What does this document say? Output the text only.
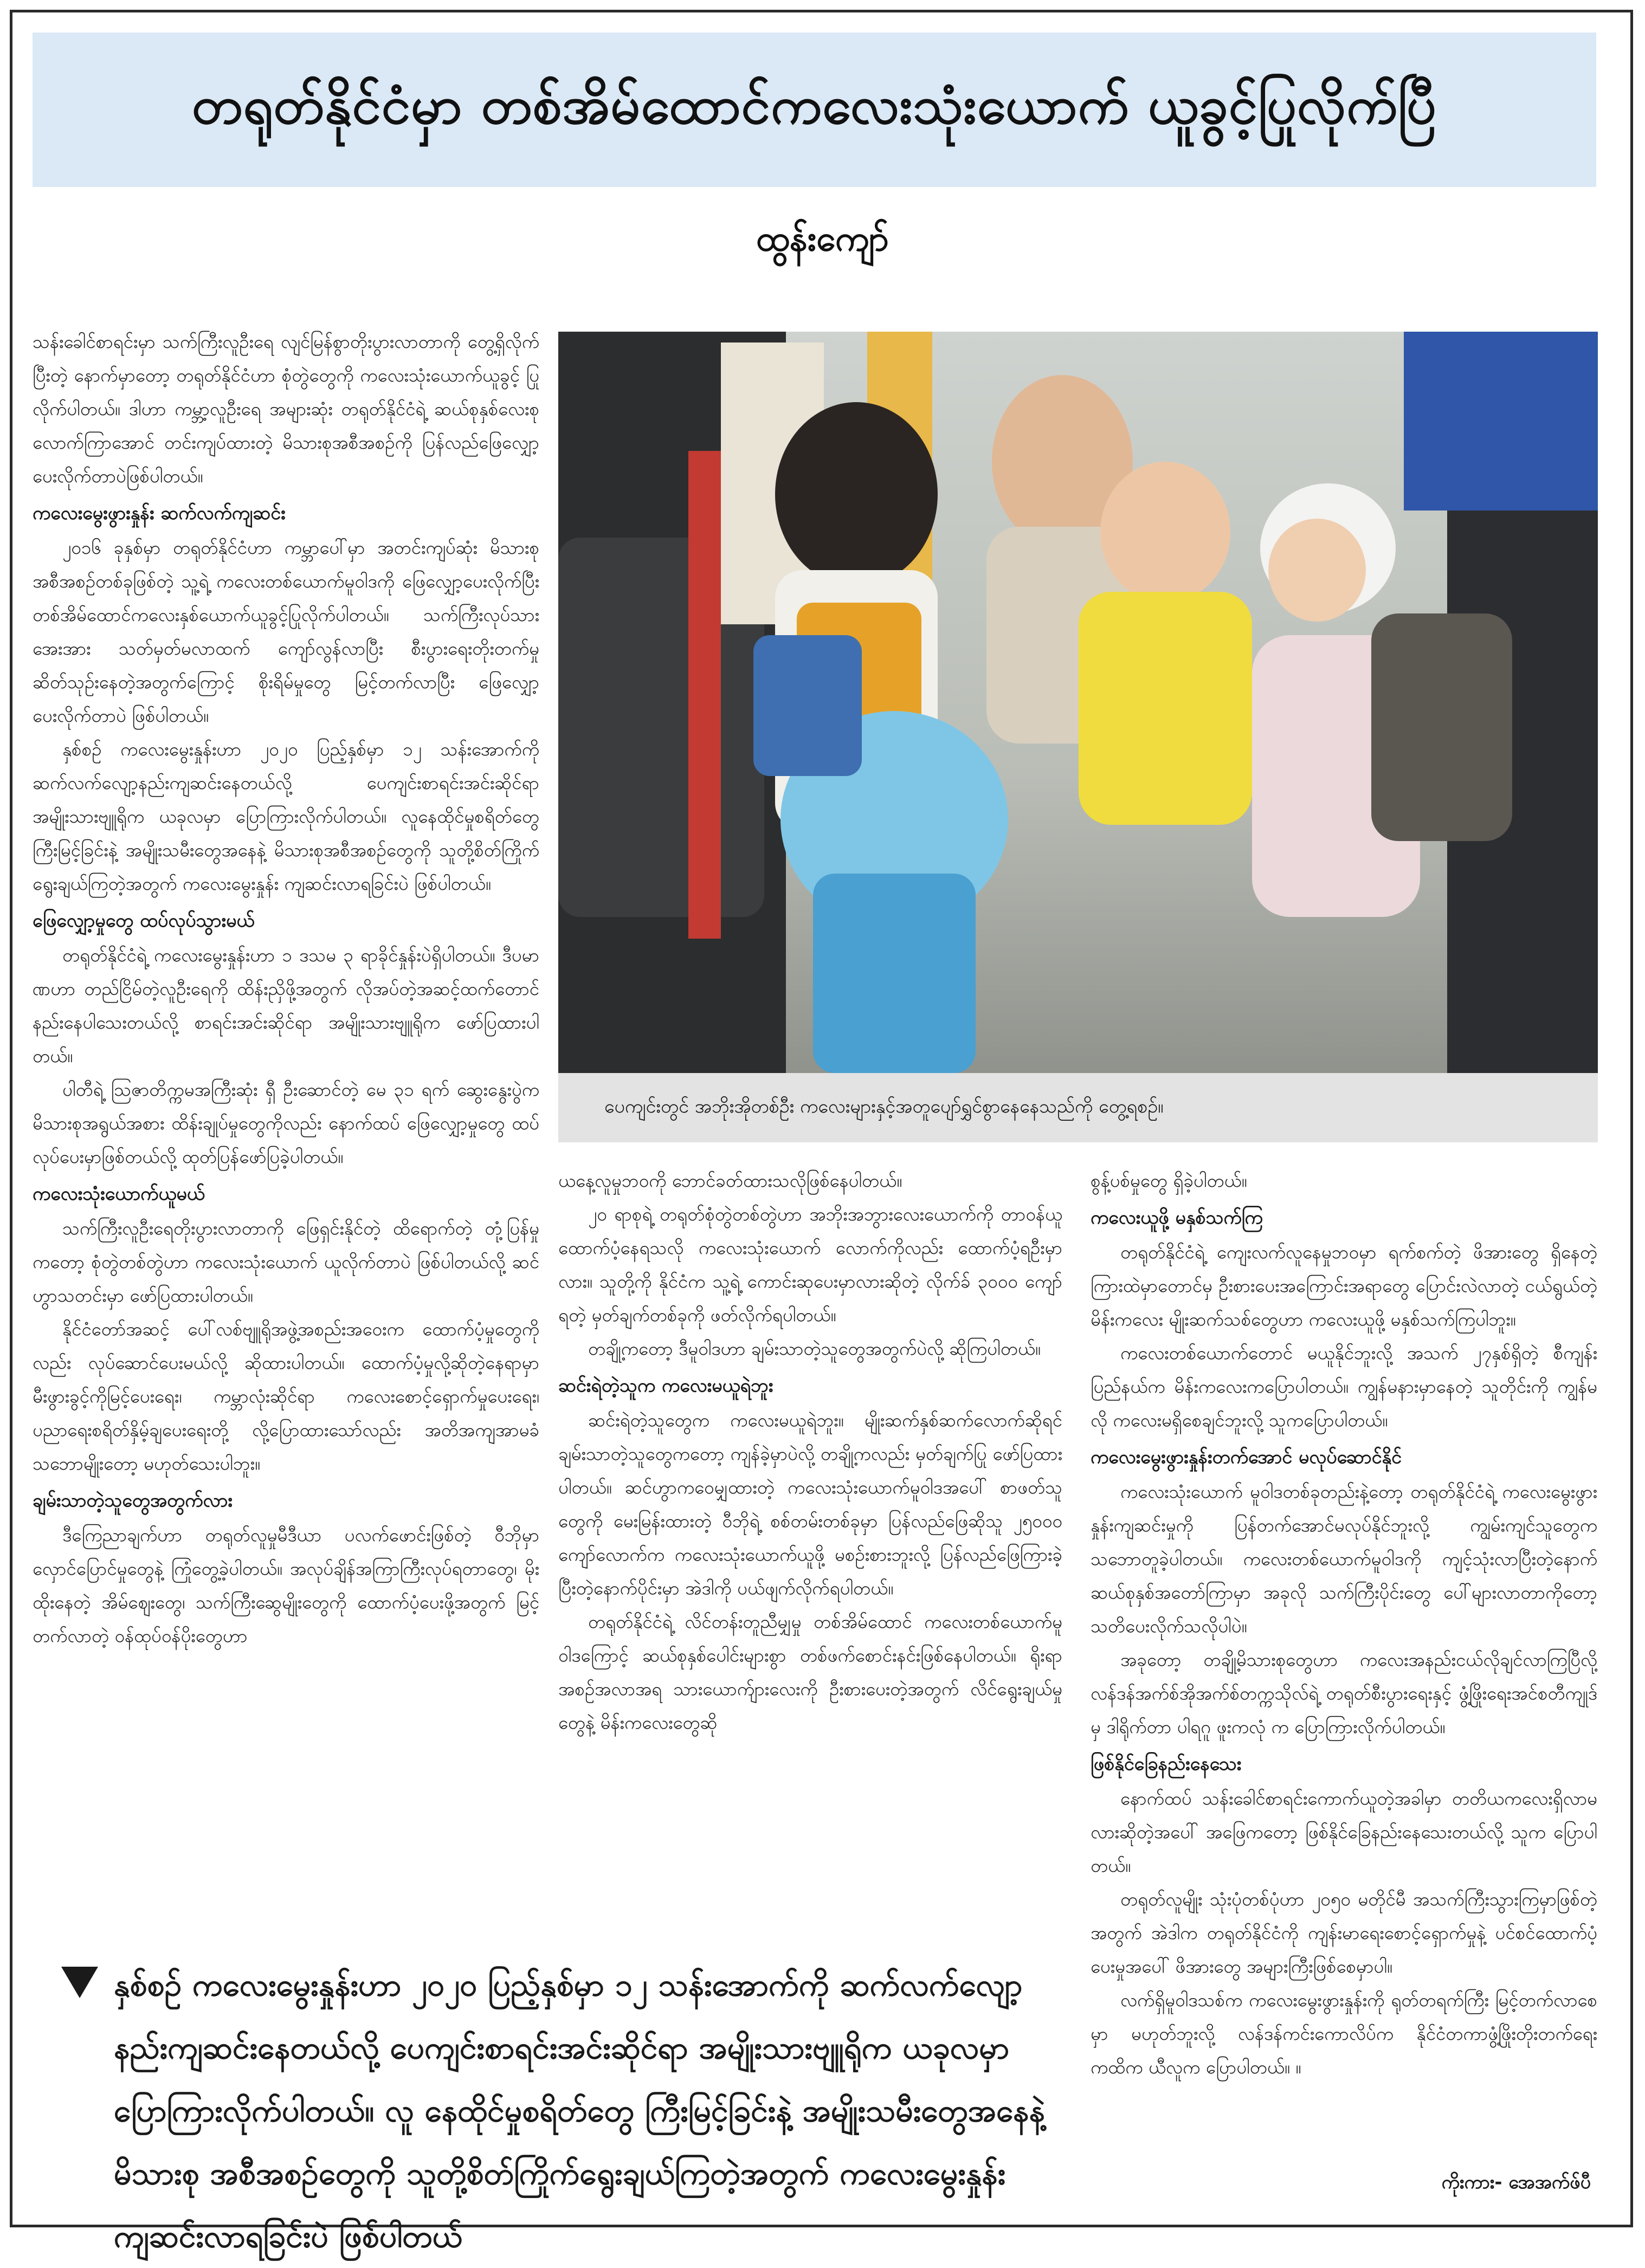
တရုတ်နိုင်ငံမှာ တစ်အိမ်ထောင်ကလေးသုံးယောက် ယူခွင့်ပြုလိုက်ပြီ
ထွန်းကျော်

သန်းခေါင်စာရင်းမှာ သက်ကြီးလူဦးရေ လျင်မြန်စွာတိုးပွားလာတာကို တွေ့ရှိလိုက်ပြီးတဲ့ နောက်မှာတော့ တရုတ်နိုင်ငံဟာ စုံတွဲတွေကို ကလေးသုံးယောက်ယူခွင့် ပြုလိုက်ပါတယ်။ ဒါဟာ ကမ္ဘာ့လူဦးရေ အများဆုံး တရုတ်နိုင်ငံရဲ့ ဆယ်စုနှစ်လေးစုလောက်ကြာအောင် တင်းကျပ်ထားတဲ့ မိသားစုအစီအစဉ်ကို ပြန်လည်ဖြေလျှော့ပေးလိုက်တာပဲဖြစ်ပါတယ်။

ကလေးမွေးဖွားနှုန်း ဆက်လက်ကျဆင်း

၂၀၁၆ ခုနှစ်မှာ တရုတ်နိုင်ငံဟာ ကမ္ဘာပေါ်မှာ အတင်းကျပ်ဆုံး မိသားစုအစီအစဉ်တစ်ခုဖြစ်တဲ့ သူ့ရဲ့ ကလေးတစ်ယောက်မူဝါဒကို ဖြေလျှော့ပေးလိုက်ပြီး တစ်အိမ်ထောင်ကလေးနှစ်ယောက်ယူခွင့်ပြုလိုက်ပါတယ်။ သက်ကြီးလုပ်သားအေးအား သတ်မှတ်မလာထက် ကျော်လွန်လာပြီး စီးပွားရေးတိုးတက်မှု ဆိတ်သုဉ်းနေတဲ့အတွက်ကြောင့် စိုးရိမ်မှုတွေ မြင့်တက်လာပြီး ဖြေလျှော့ပေးလိုက်တာပဲ ဖြစ်ပါတယ်။

နှစ်စဉ် ကလေးမွေးနှုန်းဟာ ၂၀၂၀ ပြည့်နှစ်မှာ ၁၂ သန်းအောက်ကို ဆက်လက်လျော့နည်းကျဆင်းနေတယ်လို့ ပေကျင်းစာရင်းအင်းဆိုင်ရာ အမျိုးသားဗျူရိုက ယခုလမှာ ပြောကြားလိုက်ပါတယ်။ လူနေထိုင်မှုစရိတ်တွေ ကြီးမြင့်ခြင်းနဲ့ အမျိုးသမီးတွေအနေနဲ့ မိသားစုအစီအစဉ်တွေကို သူတို့စိတ်ကြိုက်ရွေးချယ်ကြတဲ့အတွက် ကလေးမွေးနှုန်း ကျဆင်းလာရခြင်းပဲ ဖြစ်ပါတယ်။

ဖြေလျှော့မှုတွေ ထပ်လုပ်သွားမယ်

တရုတ်နိုင်ငံရဲ့ ကလေးမွေးနှုန်းဟာ ၁ ဒသမ ၃ ရာခိုင်နှုန်းပဲရှိပါတယ်။ ဒီပမာဏဟာ တည်ငြိမ်တဲ့လူဦးရေကို ထိန်းညှိဖို့အတွက် လိုအပ်တဲ့အဆင့်ထက်တောင် နည်းနေပါသေးတယ်လို့ စာရင်းအင်းဆိုင်ရာ အမျိုးသားဗျူရိုက ဖော်ပြထားပါတယ်။

ပါတီရဲ့ ဩဇာတိက္ကမအကြီးဆုံး ရှီ ဦးဆောင်တဲ့ မေ ၃၁ ရက် ဆွေးနွေးပွဲက မိသားစုအရွယ်အစား ထိန်းချုပ်မှုတွေကိုလည်း နောက်ထပ် ဖြေလျှော့မှုတွေ ထပ်လုပ်ပေးမှာဖြစ်တယ်လို့ ထုတ်ပြန်ဖော်ပြခဲ့ပါတယ်။

ကလေးသုံးယောက်ယူမယ်

သက်ကြီးလူဦးရေတိုးပွားလာတာကို ဖြေရှင်းနိုင်တဲ့ ထိရောက်တဲ့ တုံ့ပြန်မှုကတော့ စုံတွဲတစ်တွဲဟာ ကလေးသုံးယောက် ယူလိုက်တာပဲ ဖြစ်ပါတယ်လို့ ဆင်ဟွာသတင်းမှာ ဖော်ပြထားပါတယ်။

နိုင်ငံတော်အဆင့် ပေါ်လစ်ဗျူရိုအဖွဲ့အစည်းအဝေးက ထောက်ပံ့မှုတွေကိုလည်း လုပ်ဆောင်ပေးမယ်လို့ ဆိုထားပါတယ်။ ထောက်ပံ့မှုလို့ဆိုတဲ့နေရာမှာ မီးဖွားခွင့်ကိုမြင့်ပေးရေး၊ ကမ္ဘာလုံးဆိုင်ရာ ကလေးစောင့်ရှောက်မှုပေးရေး၊ ပညာရေးစရိတ်နှိမ့်ချပေးရေးတို့ လို့ပြောထားသော်လည်း အတိအကျအာမခံသဘောမျိုးတော့ မဟုတ်သေးပါဘူး။

ချမ်းသာတဲ့သူတွေအတွက်လား

ဒီကြေညာချက်ဟာ တရုတ်လူမှုမီဒီယာ ပလက်ဖောင်းဖြစ်တဲ့ ဝီဘိုမှာ လှောင်ပြောင်မှုတွေနဲ့ ကြုံတွေ့ခဲ့ပါတယ်။ အလုပ်ချိန်အကြာကြီးလုပ်ရတာတွေ၊ မိုးထိုးနေတဲ့ အိမ်ဈေးတွေ၊ သက်ကြီးဆွေမျိုးတွေကို ထောက်ပံ့ပေးဖို့အတွက် မြင့်တက်လာတဲ့ ဝန်ထုပ်ဝန်ပိုးတွေဟာ

ပေကျင်းတွင် အဘိုးအိုတစ်ဦး ကလေးများနှင့်အတူပျော်ရွှင်စွာနေနေသည်ကို တွေ့ရစဉ်။

ယနေ့လူမှုဘဝကို ဘောင်ခတ်ထားသလိုဖြစ်နေပါတယ်။

၂၀ ရာစုရဲ့ တရုတ်စုံတွဲတစ်တွဲဟာ အဘိုးအဘွားလေးယောက်ကို တာဝန်ယူထောက်ပံ့နေရသလို ကလေးသုံးယောက် လောက်ကိုလည်း ထောက်ပံ့ရဦးမှာလား။ သူတို့ကို နိုင်ငံက သူ့ရဲ့ ကောင်းဆုပေးမှာလားဆိုတဲ့ လိုက်ခ် ၃၀၀၀ ကျော်ရတဲ့ မှတ်ချက်တစ်ခုကို ဖတ်လိုက်ရပါတယ်။

တချို့ကတော့ ဒီမူဝါဒဟာ ချမ်းသာတဲ့သူတွေအတွက်ပဲလို့ ဆိုကြပါတယ်။

ဆင်းရဲတဲ့သူက ကလေးမယူရဲဘူး

ဆင်းရဲတဲ့သူတွေက ကလေးမယူရဲဘူး။ မျိုးဆက်နှစ်ဆက်လောက်ဆိုရင် ချမ်းသာတဲ့သူတွေကတော့ ကျန်ခဲ့မှာပဲလို့ တချို့ကလည်း မှတ်ချက်ပြု ဖော်ပြထားပါတယ်။ ဆင်ဟွာကဝေမျှထားတဲ့ ကလေးသုံးယောက်မူဝါဒအပေါ် စာဖတ်သူတွေကို မေးမြန်းထားတဲ့ ဝီဘိုရဲ့ စစ်တမ်းတစ်ခုမှာ ပြန်လည်ဖြေဆိုသူ ၂၅၀၀၀ ကျော်လောက်က ကလေးသုံးယောက်ယူဖို့ မစဉ်းစားဘူးလို့ ပြန်လည်ဖြေကြားခဲ့ပြီးတဲ့နောက်ပိုင်းမှာ အဲဒါကို ပယ်ဖျက်လိုက်ရပါတယ်။

တရုတ်နိုင်ငံရဲ့ လိင်တန်းတူညီမျှမှု တစ်အိမ်ထောင် ကလေးတစ်ယောက်မူဝါဒကြောင့် ဆယ်စုနှစ်ပေါင်းများစွာ တစ်ဖက်စောင်းနင်းဖြစ်နေပါတယ်။ ရိုးရာအစဉ်အလာအရ သားယောက်ျားလေးကို ဦးစားပေးတဲ့အတွက် လိင်ရွေးချယ်မှုတွေနဲ့ မိန်းကလေးတွေဆို

စွန့်ပစ်မှုတွေ ရှိခဲ့ပါတယ်။

ကလေးယူဖို့ မနှစ်သက်ကြ

တရုတ်နိုင်ငံရဲ့ ကျေးလက်လူနေမှုဘဝမှာ ရက်စက်တဲ့ ဖိအားတွေ ရှိနေတဲ့ ကြားထဲမှာတောင်မှ ဦးစားပေးအကြောင်းအရာတွေ ပြောင်းလဲလာတဲ့ ငယ်ရွယ်တဲ့မိန်းကလေး မျိုးဆက်သစ်တွေဟာ ကလေးယူဖို့ မနှစ်သက်ကြပါဘူး။

ကလေးတစ်ယောက်တောင် မယူနိုင်ဘူးလို့ အသက် ၂၇နှစ်ရှိတဲ့ စီကျန်းပြည်နယ်က မိန်းကလေးကပြောပါတယ်။ ကျွန်မနားမှာနေတဲ့ သူတိုင်းကို ကျွန်မလို ကလေးမရှိစေချင်ဘူးလို့ သူကပြောပါတယ်။

ကလေးမွေးဖွားနှုန်းတက်အောင် မလုပ်ဆောင်နိုင်

ကလေးသုံးယောက် မူဝါဒတစ်ခုတည်းနဲ့တော့ တရုတ်နိုင်ငံရဲ့ ကလေးမွေးဖွားနှုန်းကျဆင်းမှုကို ပြန်တက်အောင်မလုပ်နိုင်ဘူးလို့ ကျွမ်းကျင်သူတွေက သဘောတူခဲ့ပါတယ်။ ကလေးတစ်ယောက်မူဝါဒကို ကျင့်သုံးလာပြီးတဲ့နောက် ဆယ်စုနှစ်အတော်ကြာမှာ အခုလို သက်ကြီးပိုင်းတွေ ပေါ်များလာတာကိုတော့ သတိပေးလိုက်သလိုပါပဲ။

အခုတော့ တချို့မိသားစုတွေဟာ ကလေးအနည်းငယ်လိုချင်လာကြပြီလို့ လန်ဒန်အက်စ်အိုအက်စ်တက္ကသိုလ်ရဲ့ တရုတ်စီးပွားရေးနှင့် ဖွံ့ဖြိုးရေးအင်စတီကျုဒ်မှ ဒါရိုက်တာ ပါရဂူ ဖူးကလုံ က ပြောကြားလိုက်ပါတယ်။

ဖြစ်နိုင်ခြေနည်းနေသေး

နောက်ထပ် သန်းခေါင်စာရင်းကောက်ယူတဲ့အခါမှာ တတိယကလေးရှိလာမလားဆိုတဲ့အပေါ် အဖြေကတော့ ဖြစ်နိုင်ခြေနည်းနေသေးတယ်လို့ သူက ပြောပါတယ်။

တရုတ်လူမျိုး သုံးပုံတစ်ပုံဟာ ၂၀၅၀ မတိုင်မီ အသက်ကြီးသွားကြမှာဖြစ်တဲ့အတွက် အဲဒါက တရုတ်နိုင်ငံကို ကျန်းမာရေးစောင့်ရှောက်မှုနဲ့ ပင်စင်ထောက်ပံ့ပေးမှုအပေါ် ဖိအားတွေ အများကြီးဖြစ်စေမှာပါ။

လက်ရှိမူဝါဒသစ်က ကလေးမွေးဖွားနှုန်းကို ရုတ်တရက်ကြီး မြင့်တက်လာစေမှာ မဟုတ်ဘူးလို့ လန်ဒန်ကင်းကောလိပ်က နိုင်ငံတကာဖွံ့ဖြိုးတိုးတက်ရေး ကထိက ယီလူက ပြောပါတယ်။ ။

နှစ်စဉ် ကလေးမွေးနှုန်းဟာ ၂၀၂၀ ပြည့်နှစ်မှာ ၁၂ သန်းအောက်ကို ဆက်လက်လျော့

နည်းကျဆင်းနေတယ်လို့ ပေကျင်းစာရင်းအင်းဆိုင်ရာ အမျိုးသားဗျူရိုက ယခုလမှာ

ပြောကြားလိုက်ပါတယ်။ လူ နေထိုင်မှုစရိတ်တွေ ကြီးမြင့်ခြင်းနဲ့ အမျိုးသမီးတွေအနေနဲ့

မိသားစု အစီအစဉ်တွေကို သူတို့စိတ်ကြိုက်ရွေးချယ်ကြတဲ့အတွက် ကလေးမွေးနှုန်း

ကျဆင်းလာရခြင်းပဲ ဖြစ်ပါတယ်

ကိုးကား- အေအက်ဖ်ပီ
